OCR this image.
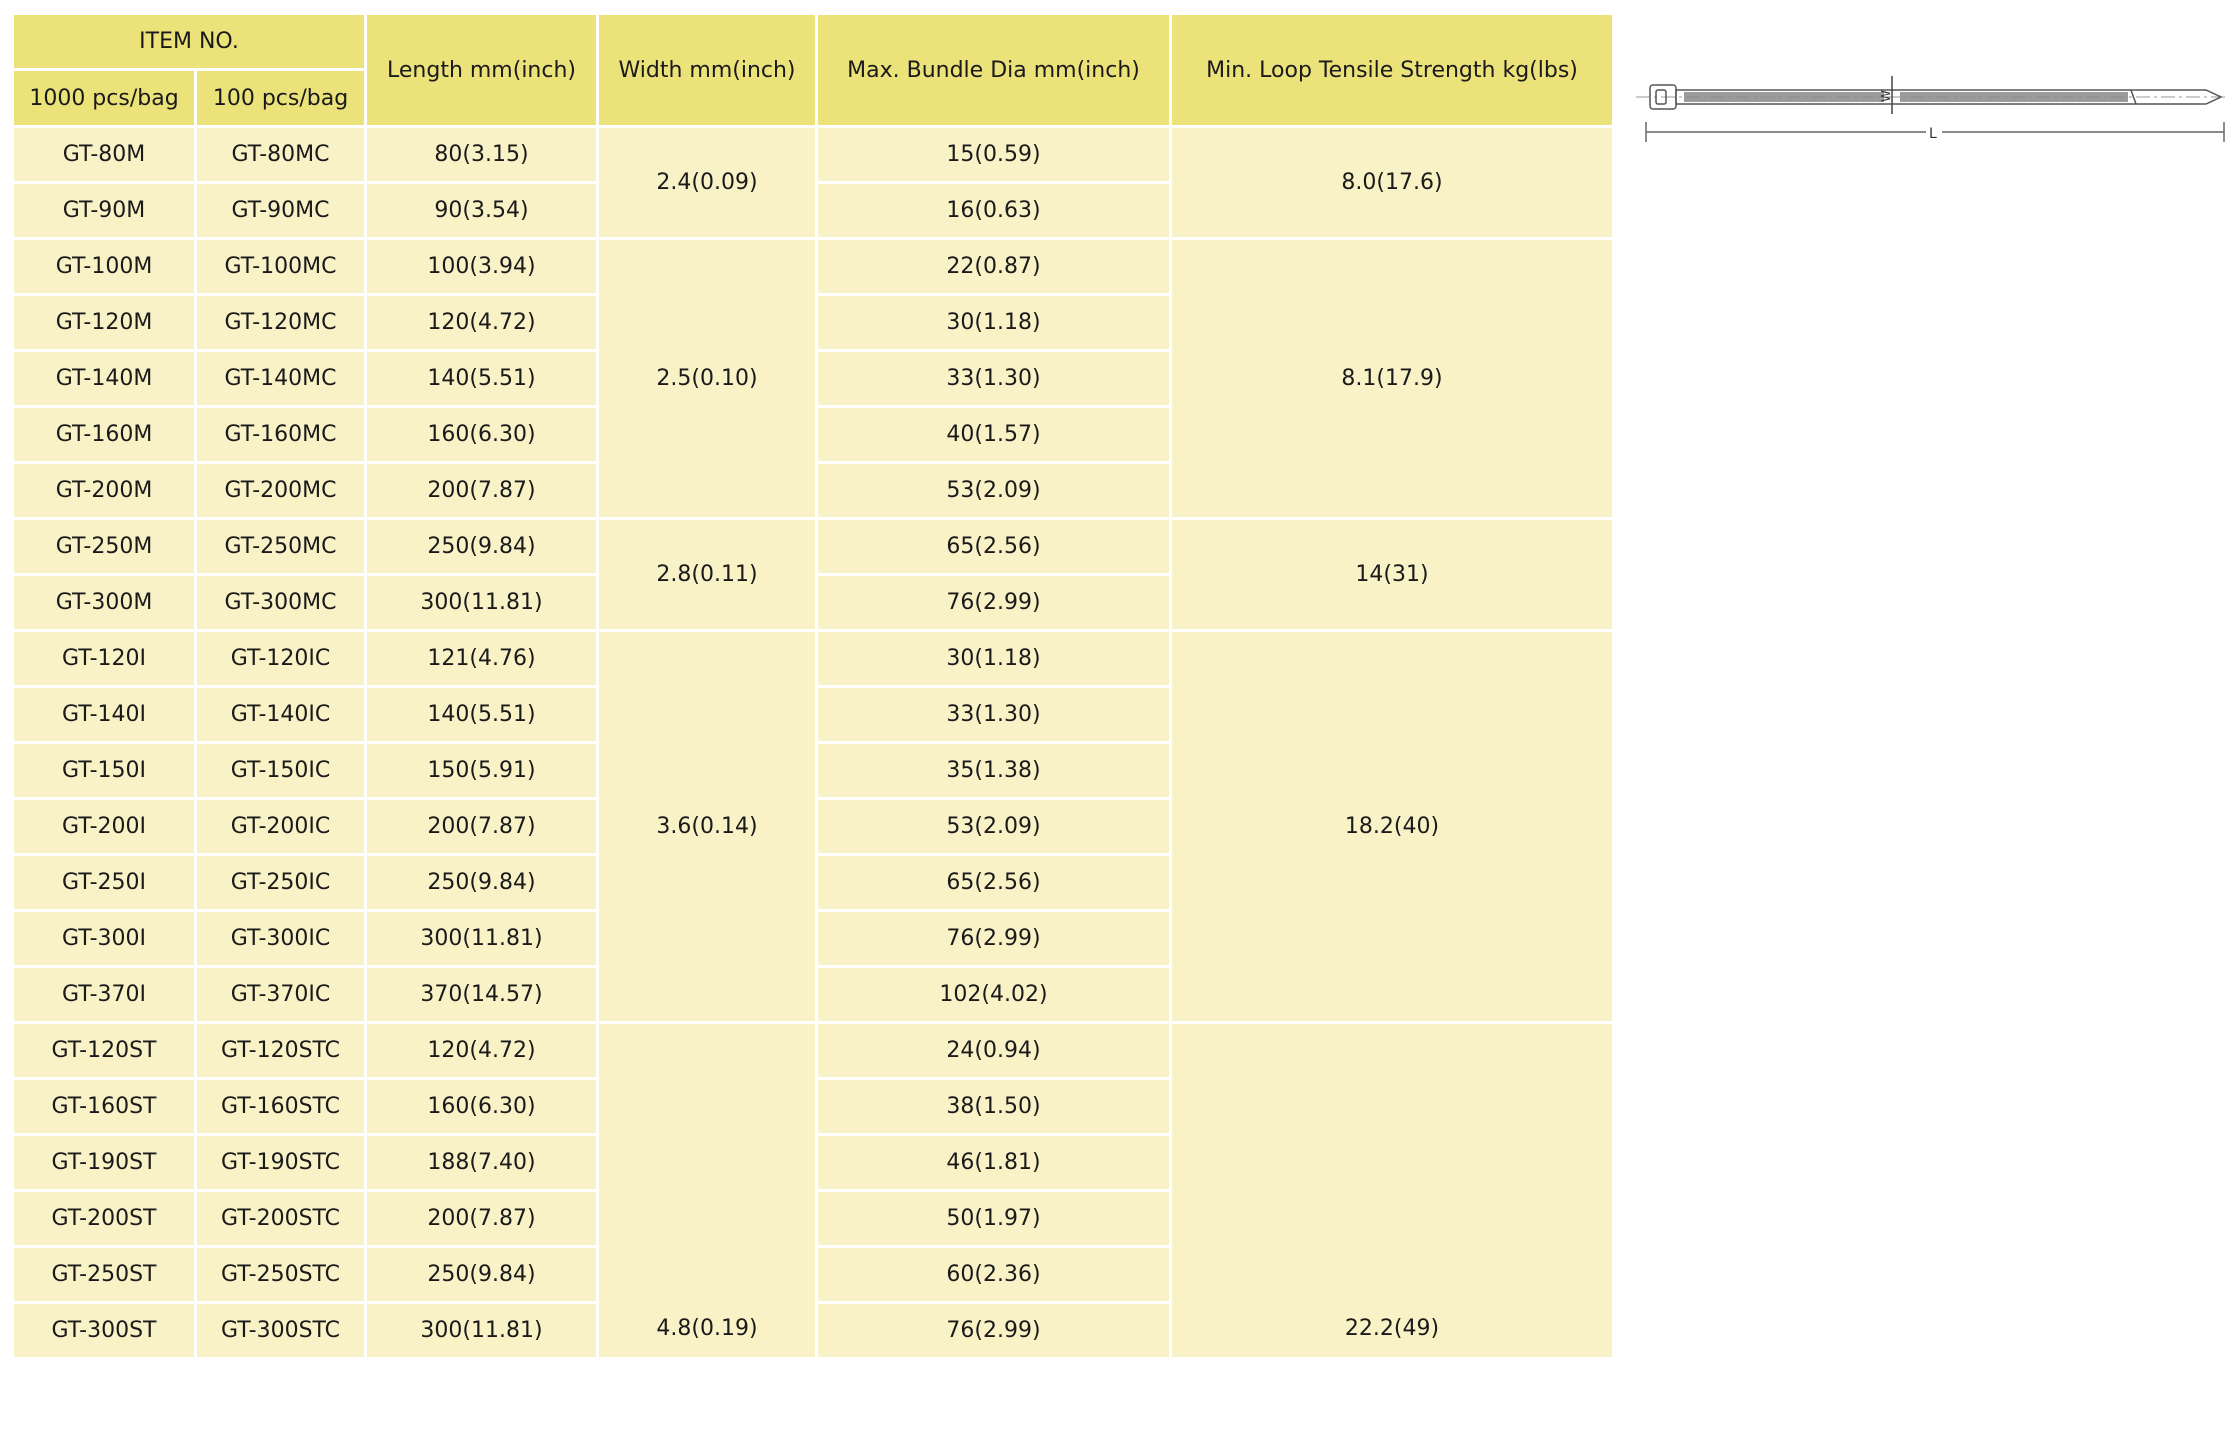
ITEM NO.		Length mm(inch)	Width mm(inch)	Max. Bundle Dia mm(inch)	Min. Loop Tensile Strength kg(lbs)
1000 pcs/bag	100 pcs/bag				
GT-80M	GT-80MC	80(3.15)	2.4(0.09)	15(0.59)	8.0(17.6)
GT-90M	GT-90MC	90(3.54)		16(0.63)	
GT-100M	GT-100MC	100(3.94)	2.5(0.10)	22(0.87)	8.1(17.9)
GT-120M	GT-120MC	120(4.72)		30(1.18)	
GT-140M	GT-140MC	140(5.51)		33(1.30)	
GT-160M	GT-160MC	160(6.30)		40(1.57)	
GT-200M	GT-200MC	200(7.87)		53(2.09)	
GT-250M	GT-250MC	250(9.84)	2.8(0.11)	65(2.56)	14(31)
GT-300M	GT-300MC	300(11.81)		76(2.99)	
GT-120I	GT-120IC	121(4.76)	3.6(0.14)	30(1.18)	18.2(40)
GT-140I	GT-140IC	140(5.51)		33(1.30)	
GT-150I	GT-150IC	150(5.91)		35(1.38)	
GT-200I	GT-200IC	200(7.87)		53(2.09)	
GT-250I	GT-250IC	250(9.84)		65(2.56)	
GT-300I	GT-300IC	300(11.81)		76(2.99)	
GT-370I	GT-370IC	370(14.57)		102(4.02)	
GT-120ST	GT-120STC	120(4.72)	4.8(0.19)	24(0.94)	22.2(49)
GT-160ST	GT-160STC	160(6.30)		38(1.50)	
GT-190ST	GT-190STC	188(7.40)		46(1.81)	
GT-200ST	GT-200STC	200(7.87)		50(1.97)	
GT-250ST	GT-250STC	250(9.84)		60(2.36)	
GT-300ST	GT-300STC	300(11.81)		76(2.99)	
W
L
